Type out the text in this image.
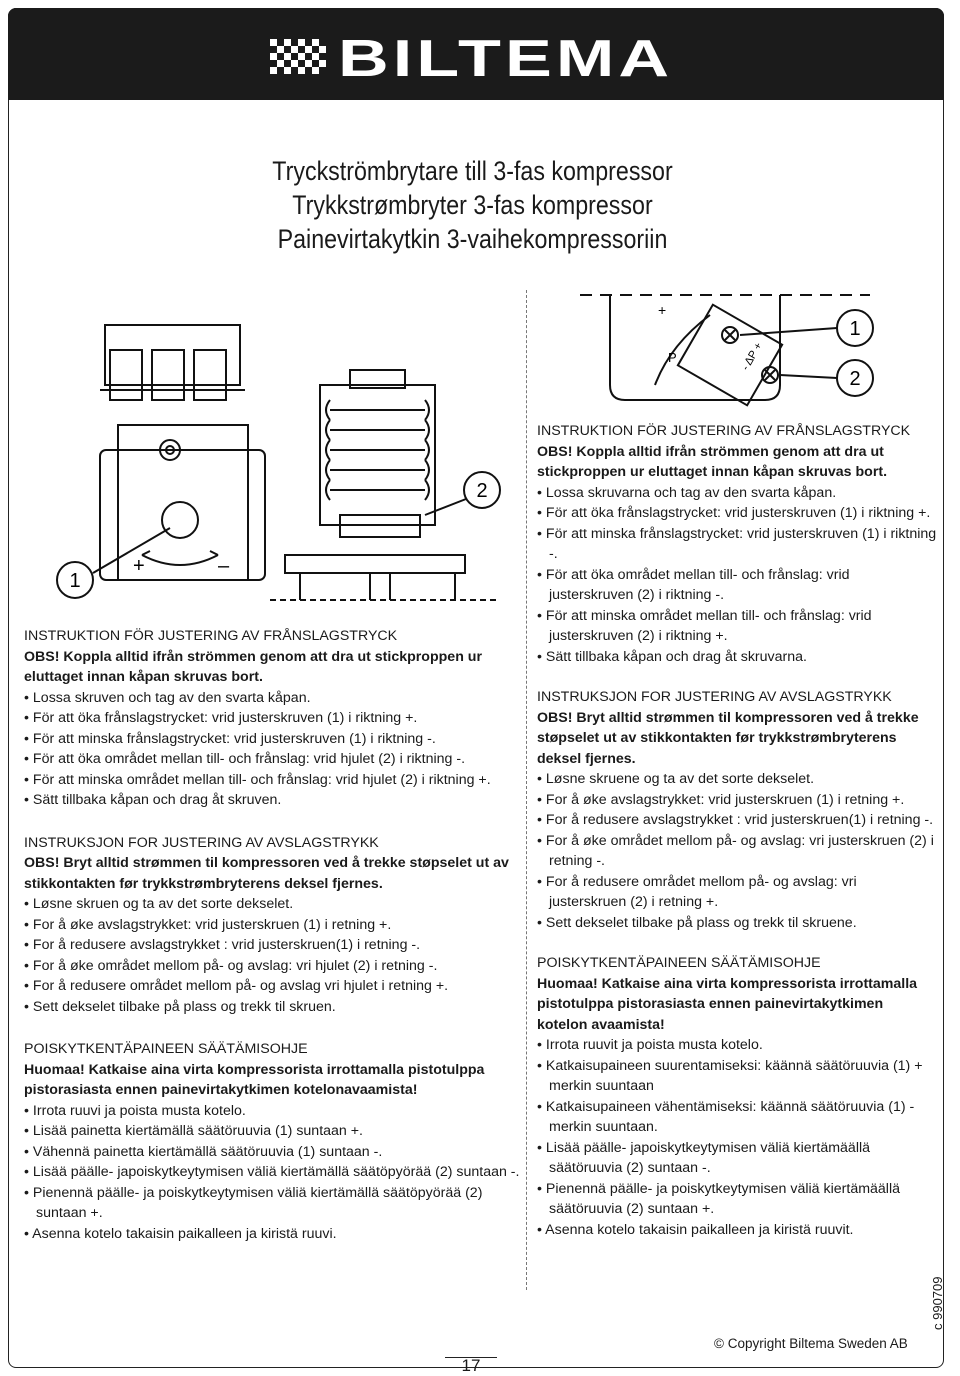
BILTEMA
Tryckströmbrytare till 3-fas kompressor
Trykkstrømbryter 3-fas kompressor
Painevirtakytkin 3-vaihekompressoriin
2
1
+	–
1
2
+
P	- ΔP +

INSTRUKTION FÖR JUSTERING AV FRÅNSLAGSTRYCK

OBS! Koppla alltid ifrån strömmen genom att dra ut stickproppen ur eluttaget innan kåpan skruvas bort.

• Lossa skruven och tag av den svarta kåpan.

• För att öka frånslagstrycket: vrid justerskruven (1) i riktning +.

• För att minska frånslagstrycket: vrid justerskruven (1) i riktning -.

• För att öka området mellan till- och frånslag: vrid hjulet (2) i riktning -.

• För att minska området mellan till- och frånslag: vrid hjulet (2) i riktning +.

• Sätt tillbaka kåpan och drag åt skruven.

INSTRUKSJON FOR JUSTERING AV AVSLAGSTRYKK

OBS! Bryt alltid strømmen til kompressoren ved å trekke støpselet ut av stikkontakten før trykkstrømbryterens deksel fjernes.

• Løsne skruen og ta av det sorte dekselet.

• For å øke avslagstrykket: vrid justerskruen (1) i retning +.

• For å redusere avslagstrykket : vrid justerskruen(1) i retning -.

• For å øke området mellom på- og avslag: vri hjulet (2) i retning -.

• For å redusere området mellom på- og avslag vri hjulet i retning +.

• Sett dekselet tilbake på plass og trekk til skruen.

POISKYTKENTÄPAINEEN SÄÄTÄMISOHJE

Huomaa! Katkaise aina virta kompressorista irrottamalla pistotulppa pistorasiasta ennen painevirtakytkimen kotelonavaamista!

• Irrota ruuvi ja poista musta kotelo.

• Lisää painetta kiertämällä säätöruuvia (1) suntaan +.

• Vähennä painetta kiertämällä säätöruuvia (1) suntaan -.

• Lisää päälle- japoiskytkeytymisen väliä kiertämällä säätöpyörää (2) suntaan -.

• Pienennä päälle- ja poiskytkeytymisen väliä kiertämällä säätöpyörää (2) suntaan +.

• Asenna kotelo takaisin paikalleen ja kiristä ruuvi.

INSTRUKTION FÖR JUSTERING AV FRÅNSLAGSTRYCK

OBS! Koppla alltid ifrån strömmen genom att dra ut stickproppen ur eluttaget innan kåpan skruvas bort.

• Lossa skruvarna och tag av den svarta kåpan.

• För att öka frånslagstrycket: vrid justerskruven (1) i riktning +.

• För att minska frånslagstrycket: vrid justerskruven (1) i riktning -.

• För att öka området mellan till- och frånslag: vrid justerskruven (2) i riktning -.

• För att minska området mellan till- och frånslag: vrid justerskruven (2) i riktning +.

• Sätt tillbaka kåpan och drag åt skruvarna.

INSTRUKSJON FOR JUSTERING AV AVSLAGSTRYKK

OBS! Bryt alltid strømmen til kompressoren ved å trekke støpselet ut av stikkontakten før trykkstrømbryterens deksel fjernes.

• Løsne skruene og ta av det sorte dekselet.

• For å øke avslagstrykket: vrid justerskruen (1) i retning +.

• For å redusere avslagstrykket : vrid justerskruen(1) i retning -.

• For å øke området mellom på- og avslag: vri justerskruen (2) i retning -.

• For å redusere området mellom på- og avslag: vri justerskruen (2) i retning +.

• Sett dekselet tilbake på plass og trekk til skruene.

POISKYTKENTÄPAINEEN SÄÄTÄMISOHJE

Huomaa! Katkaise aina virta kompressorista irrottamalla pistotulppa pistorasiasta ennen painevirtakytkimen kotelon avaamista!

• Irrota ruuvit ja poista musta kotelo.

• Katkaisupaineen suurentamiseksi: käännä säätöruuvia (1) + merkin suuntaan

• Katkaisupaineen vähentämiseksi: käännä säätöruuvia (1) - merkin suuntaan.

• Lisää päälle- japoiskytkeytymisen väliä kiertämäällä säätöruuvia (2) suntaan -.

• Pienennä päälle- ja poiskytkeytymisen väliä kiertämäällä säätöruuvia (2) suntaan +.

• Asenna kotelo takaisin paikalleen ja kiristä ruuvit.

17
© Copyright Biltema Sweden AB
c 990709
